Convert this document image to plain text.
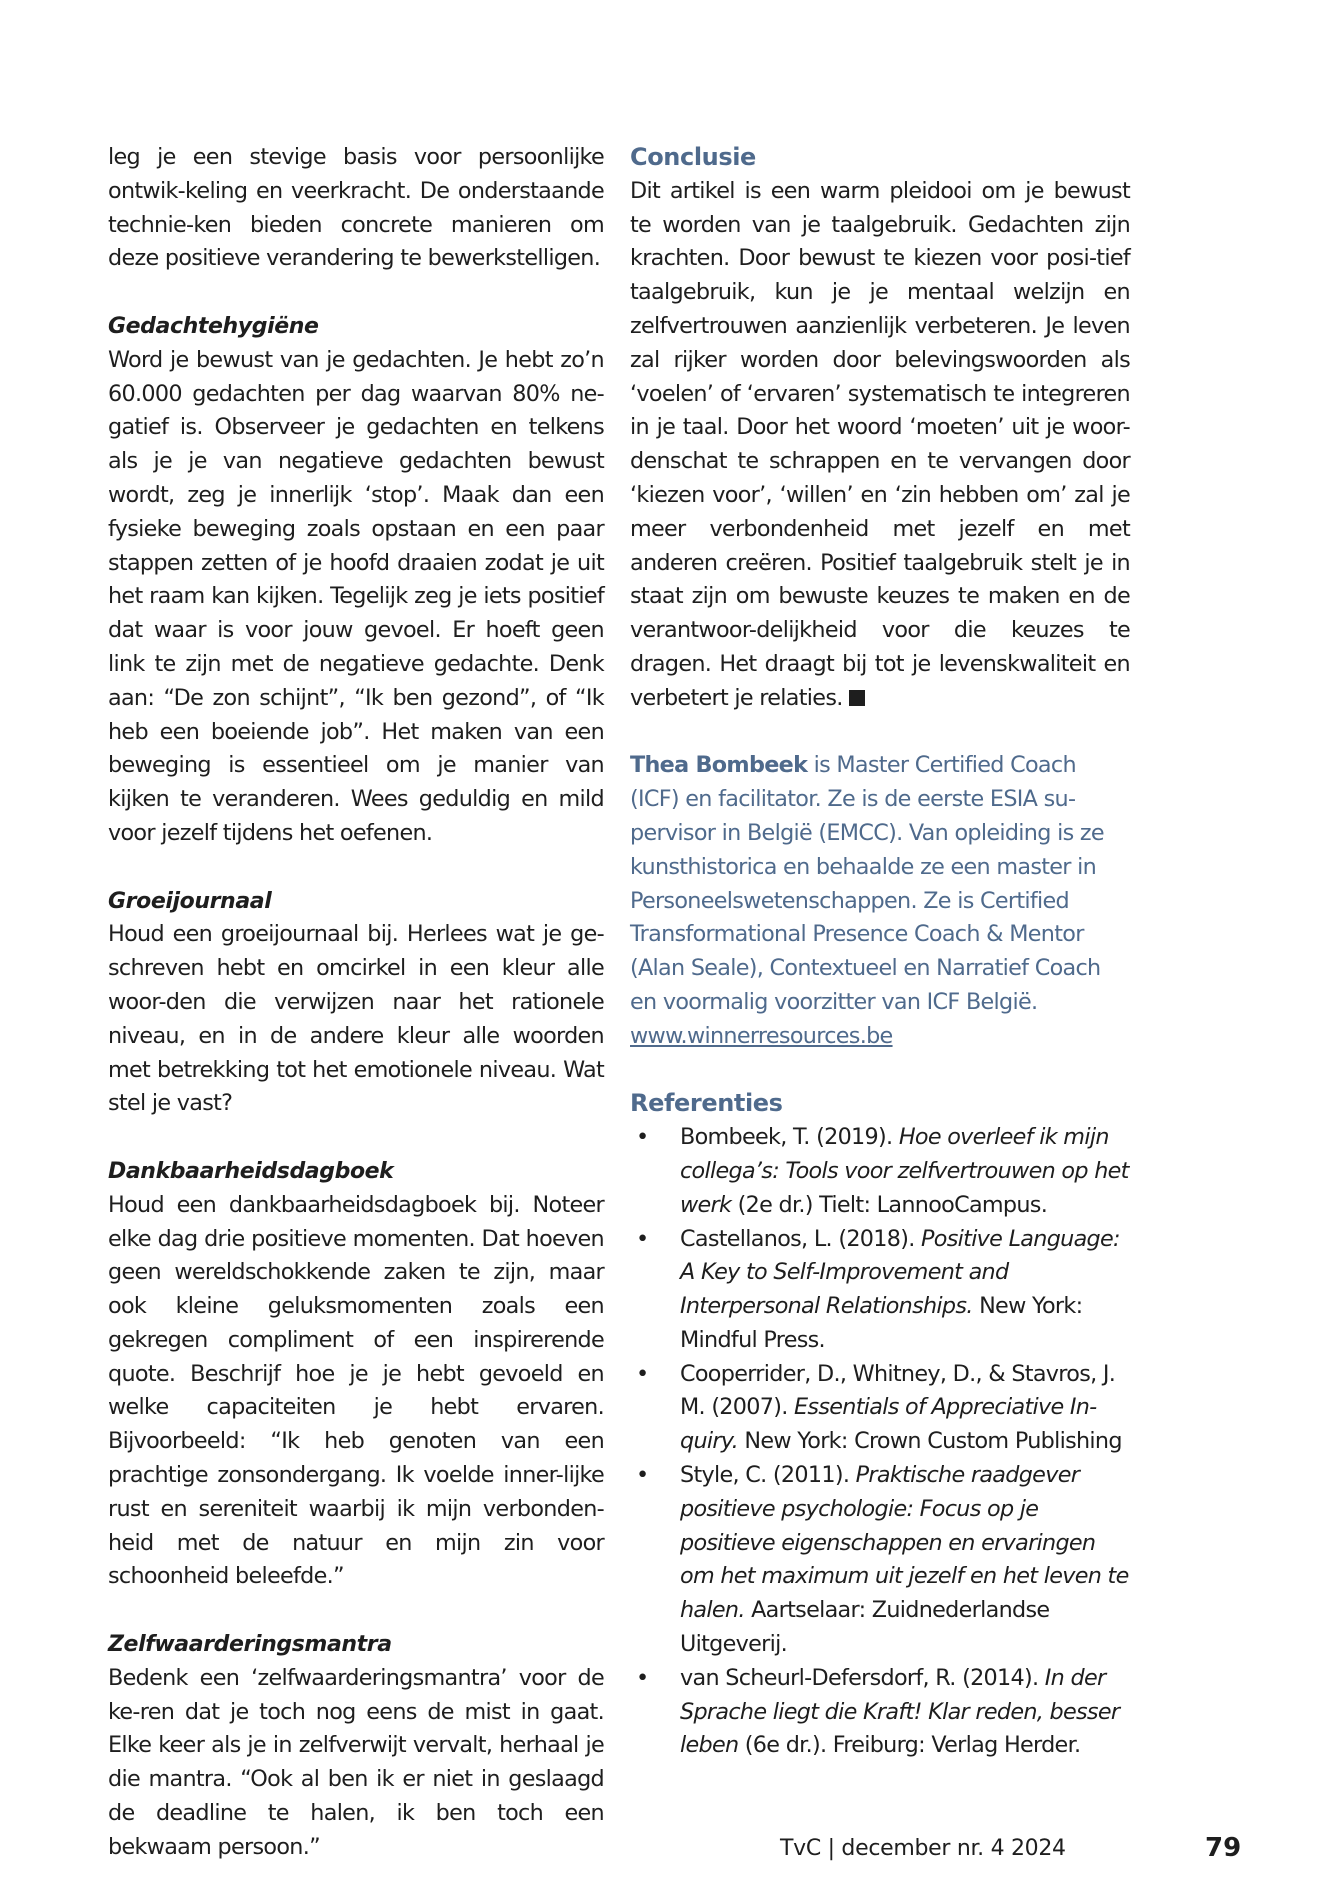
leg je een stevige basis voor persoonlijke ontwik-keling en veerkracht. De onderstaande technie-ken bieden concrete manieren om deze positieve verandering te bewerkstelligen.

Gedachtehygiëne

Word je bewust van je gedachten. Je hebt zo’n 60.000 gedachten per dag waarvan 80% ne-gatief is. Observeer je gedachten en telkens als je je van negatieve gedachten bewust wordt, zeg je innerlijk ‘stop’. Maak dan een fysieke beweging zoals opstaan en een paar stappen zetten of je hoofd draaien zodat je uit het raam kan kijken. Tegelijk zeg je iets positief dat waar is voor jouw gevoel. Er hoeft geen link te zijn met de negatieve gedachte. Denk aan: “De zon schijnt”, “Ik ben gezond”, of “Ik heb een boeiende job”. Het maken van een beweging is essentieel om je manier van kijken te veranderen. Wees geduldig en mild voor jezelf tijdens het oefenen.

Groeijournaal

Houd een groeijournaal bij. Herlees wat je ge-schreven hebt en omcirkel in een kleur alle woor-den die verwijzen naar het rationele niveau, en in de andere kleur alle woorden met betrekking tot het emotionele niveau. Wat stel je vast?

Dankbaarheidsdagboek

Houd een dankbaarheidsdagboek bij. Noteer elke dag drie positieve momenten. Dat hoeven geen wereldschokkende zaken te zijn, maar ook kleine geluksmomenten zoals een gekregen compliment of een inspirerende quote. Beschrijf hoe je je hebt gevoeld en welke capaciteiten je hebt ervaren. Bijvoorbeeld: “Ik heb genoten van een prachtige zonsondergang. Ik voelde inner-lijke rust en sereniteit waarbij ik mijn verbonden-heid met de natuur en mijn zin voor schoonheid beleefde.”

Zelfwaarderingsmantra

Bedenk een ‘zelfwaarderingsmantra’ voor de ke-ren dat je toch nog eens de mist in gaat. Elke keer als je in zelfverwijt vervalt, herhaal je die mantra. “Ook al ben ik er niet in geslaagd de deadline te halen, ik ben toch een bekwaam persoon.”

Conclusie

Dit artikel is een warm pleidooi om je bewust te worden van je taalgebruik. Gedachten zijn krachten. Door bewust te kiezen voor posi-tief taalgebruik, kun je je mentaal welzijn en zelfvertrouwen aanzienlijk verbeteren. Je leven zal rijker worden door belevingswoorden als ‘voelen’ of ‘ervaren’ systematisch te integreren in je taal. Door het woord ‘moeten’ uit je woor-denschat te schrappen en te vervangen door ‘kiezen voor’, ‘willen’ en ‘zin hebben om’ zal je meer verbondenheid met jezelf en met anderen creëren. Positief taalgebruik stelt je in staat zijn om bewuste keuzes te maken en de verantwoor-delijkheid voor die keuzes te dragen. Het draagt bij tot je levenskwaliteit en verbetert je relaties.

Thea Bombeek is Master Certified Coach (ICF) en facilitator. Ze is de eerste ESIA su-pervisor in België (EMCC). Van opleiding is ze kunsthistorica en behaalde ze een master in Personeelswetenschappen. Ze is Certified Transformational Presence Coach & Mentor (Alan Seale), Contextueel en Narratief Coach en voormalig voorzitter van ICF België.
www.winnerresources.be

Referenties
• Bombeek, T. (2019). Hoe overleef ik mijn collega’s: Tools voor zelfvertrouwen op het werk (2e dr.) Tielt: LannooCampus.
• Castellanos, L. (2018). Positive Language: A Key to Self-Improvement and Interpersonal Relationships. New York: Mindful Press.
• Cooperrider, D., Whitney, D., & Stavros, J. M. (2007). Essentials of Appreciative In-quiry. New York: Crown Custom Publishing
• Style, C. (2011). Praktische raadgever positieve psychologie: Focus op je positieve eigenschappen en ervaringen om het maximum uit jezelf en het leven te halen. Aartselaar: Zuidnederlandse Uitgeverij.
• van Scheurl-Defersdorf, R. (2014). In der Sprache liegt die Kraft! Klar reden, besser leben (6e dr.). Freiburg: Verlag Herder.
TvC | december nr. 4 2024	79
